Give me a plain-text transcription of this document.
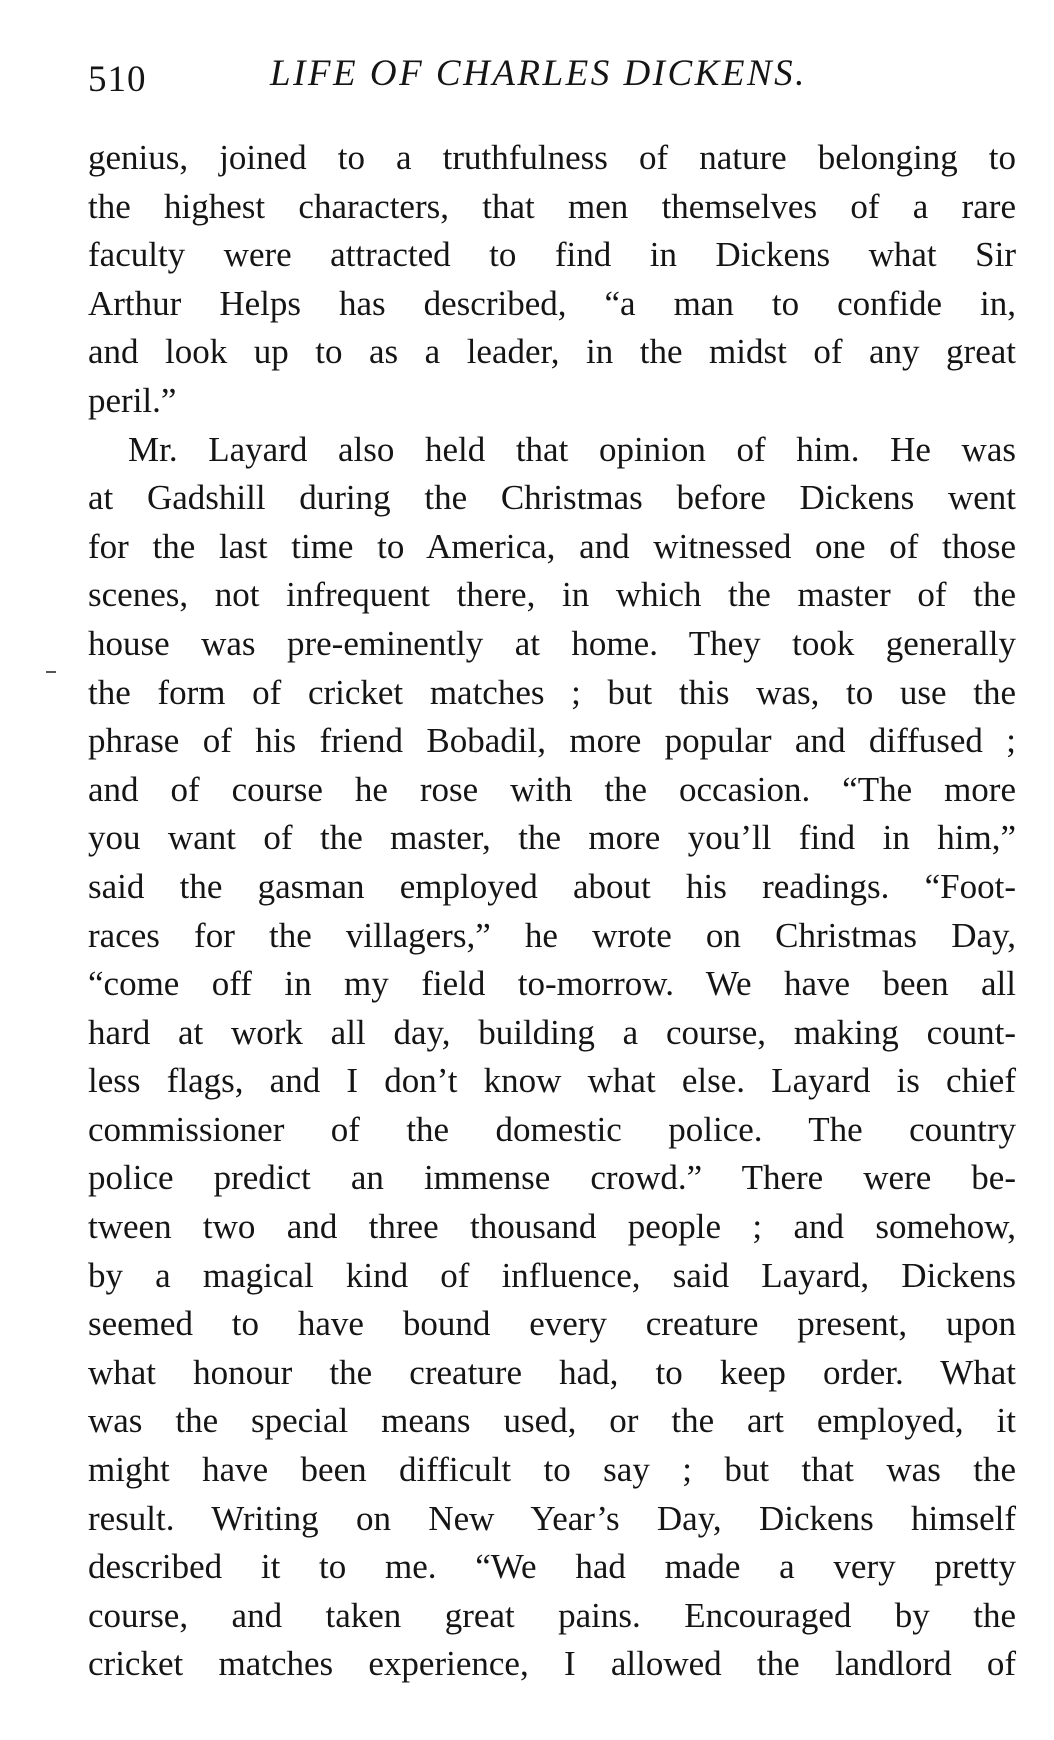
510	LIFE OF CHARLES DICKENS.
genius, joined to a truthfulness of nature belonging to
the highest characters, that men themselves of a rare
faculty were attracted to find in Dickens what Sir
Arthur Helps has described, “a man to confide in,
and look up to as a leader, in the midst of any great
peril.”
Mr. Layard also held that opinion of him. He was
at Gadshill during the Christmas before Dickens went
for the last time to America, and witnessed one of those
scenes, not infrequent there, in which the master of the
house was pre-eminently at home. They took generally
the form of cricket matches ; but this was, to use the
phrase of his friend Bobadil, more popular and diffused ;
and of course he rose with the occasion. “The more
you want of the master, the more you’ll find in him,”
said the gasman employed about his readings. “Foot-
races for the villagers,” he wrote on Christmas Day,
“come off in my field to-morrow. We have been all
hard at work all day, building a course, making count-
less flags, and I don’t know what else. Layard is chief
commissioner of the domestic police. The country
police predict an immense crowd.” There were be-
tween two and three thousand people ; and somehow,
by a magical kind of influence, said Layard, Dickens
seemed to have bound every creature present, upon
what honour the creature had, to keep order. What
was the special means used, or the art employed, it
might have been difficult to say ; but that was the
result. Writing on New Year’s Day, Dickens himself
described it to me. “We had made a very pretty
course, and taken great pains. Encouraged by the
cricket matches experience, I allowed the landlord of
